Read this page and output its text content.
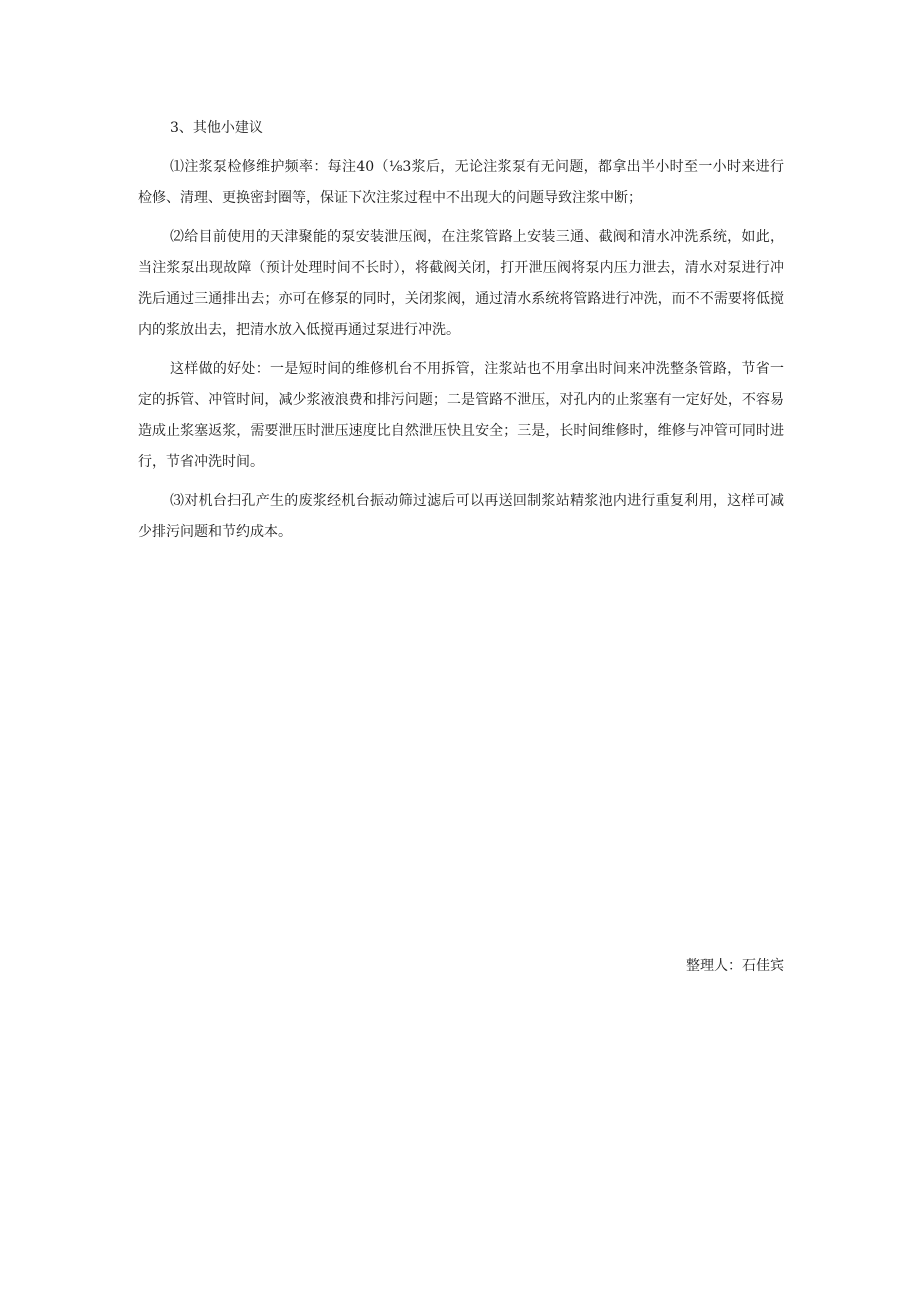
3、其他小建议

⑴注浆泵检修维护频率：每注40（⅛3浆后，无论注浆泵有无问题，都拿出半小时至一小时来进行检修、清理、更换密封圈等，保证下次注浆过程中不出现大的问题导致注浆中断；

⑵给目前使用的天津聚能的泵安装泄压阀，在注浆管路上安装三通、截阀和清水冲洗系统，如此，当注浆泵出现故障（预计处理时间不长时），将截阀关闭，打开泄压阀将泵内压力泄去，清水对泵进行冲洗后通过三通排出去；亦可在修泵的同时，关闭浆阀，通过清水系统将管路进行冲洗，而不不需要将低搅内的浆放出去，把清水放入低搅再通过泵进行冲洗。

这样做的好处：一是短时间的维修机台不用拆管，注浆站也不用拿出时间来冲洗整条管路，节省一定的拆管、冲管时间，减少浆液浪费和排污问题；二是管路不泄压，对孔内的止浆塞有一定好处，不容易造成止浆塞返浆，需要泄压时泄压速度比自然泄压快且安全；三是，长时间维修时，维修与冲管可同时进行，节省冲洗时间。

⑶对机台扫孔产生的废浆经机台振动筛过滤后可以再送回制浆站精浆池内进行重复利用，这样可减少排污问题和节约成本。

整理人：石佳宾
